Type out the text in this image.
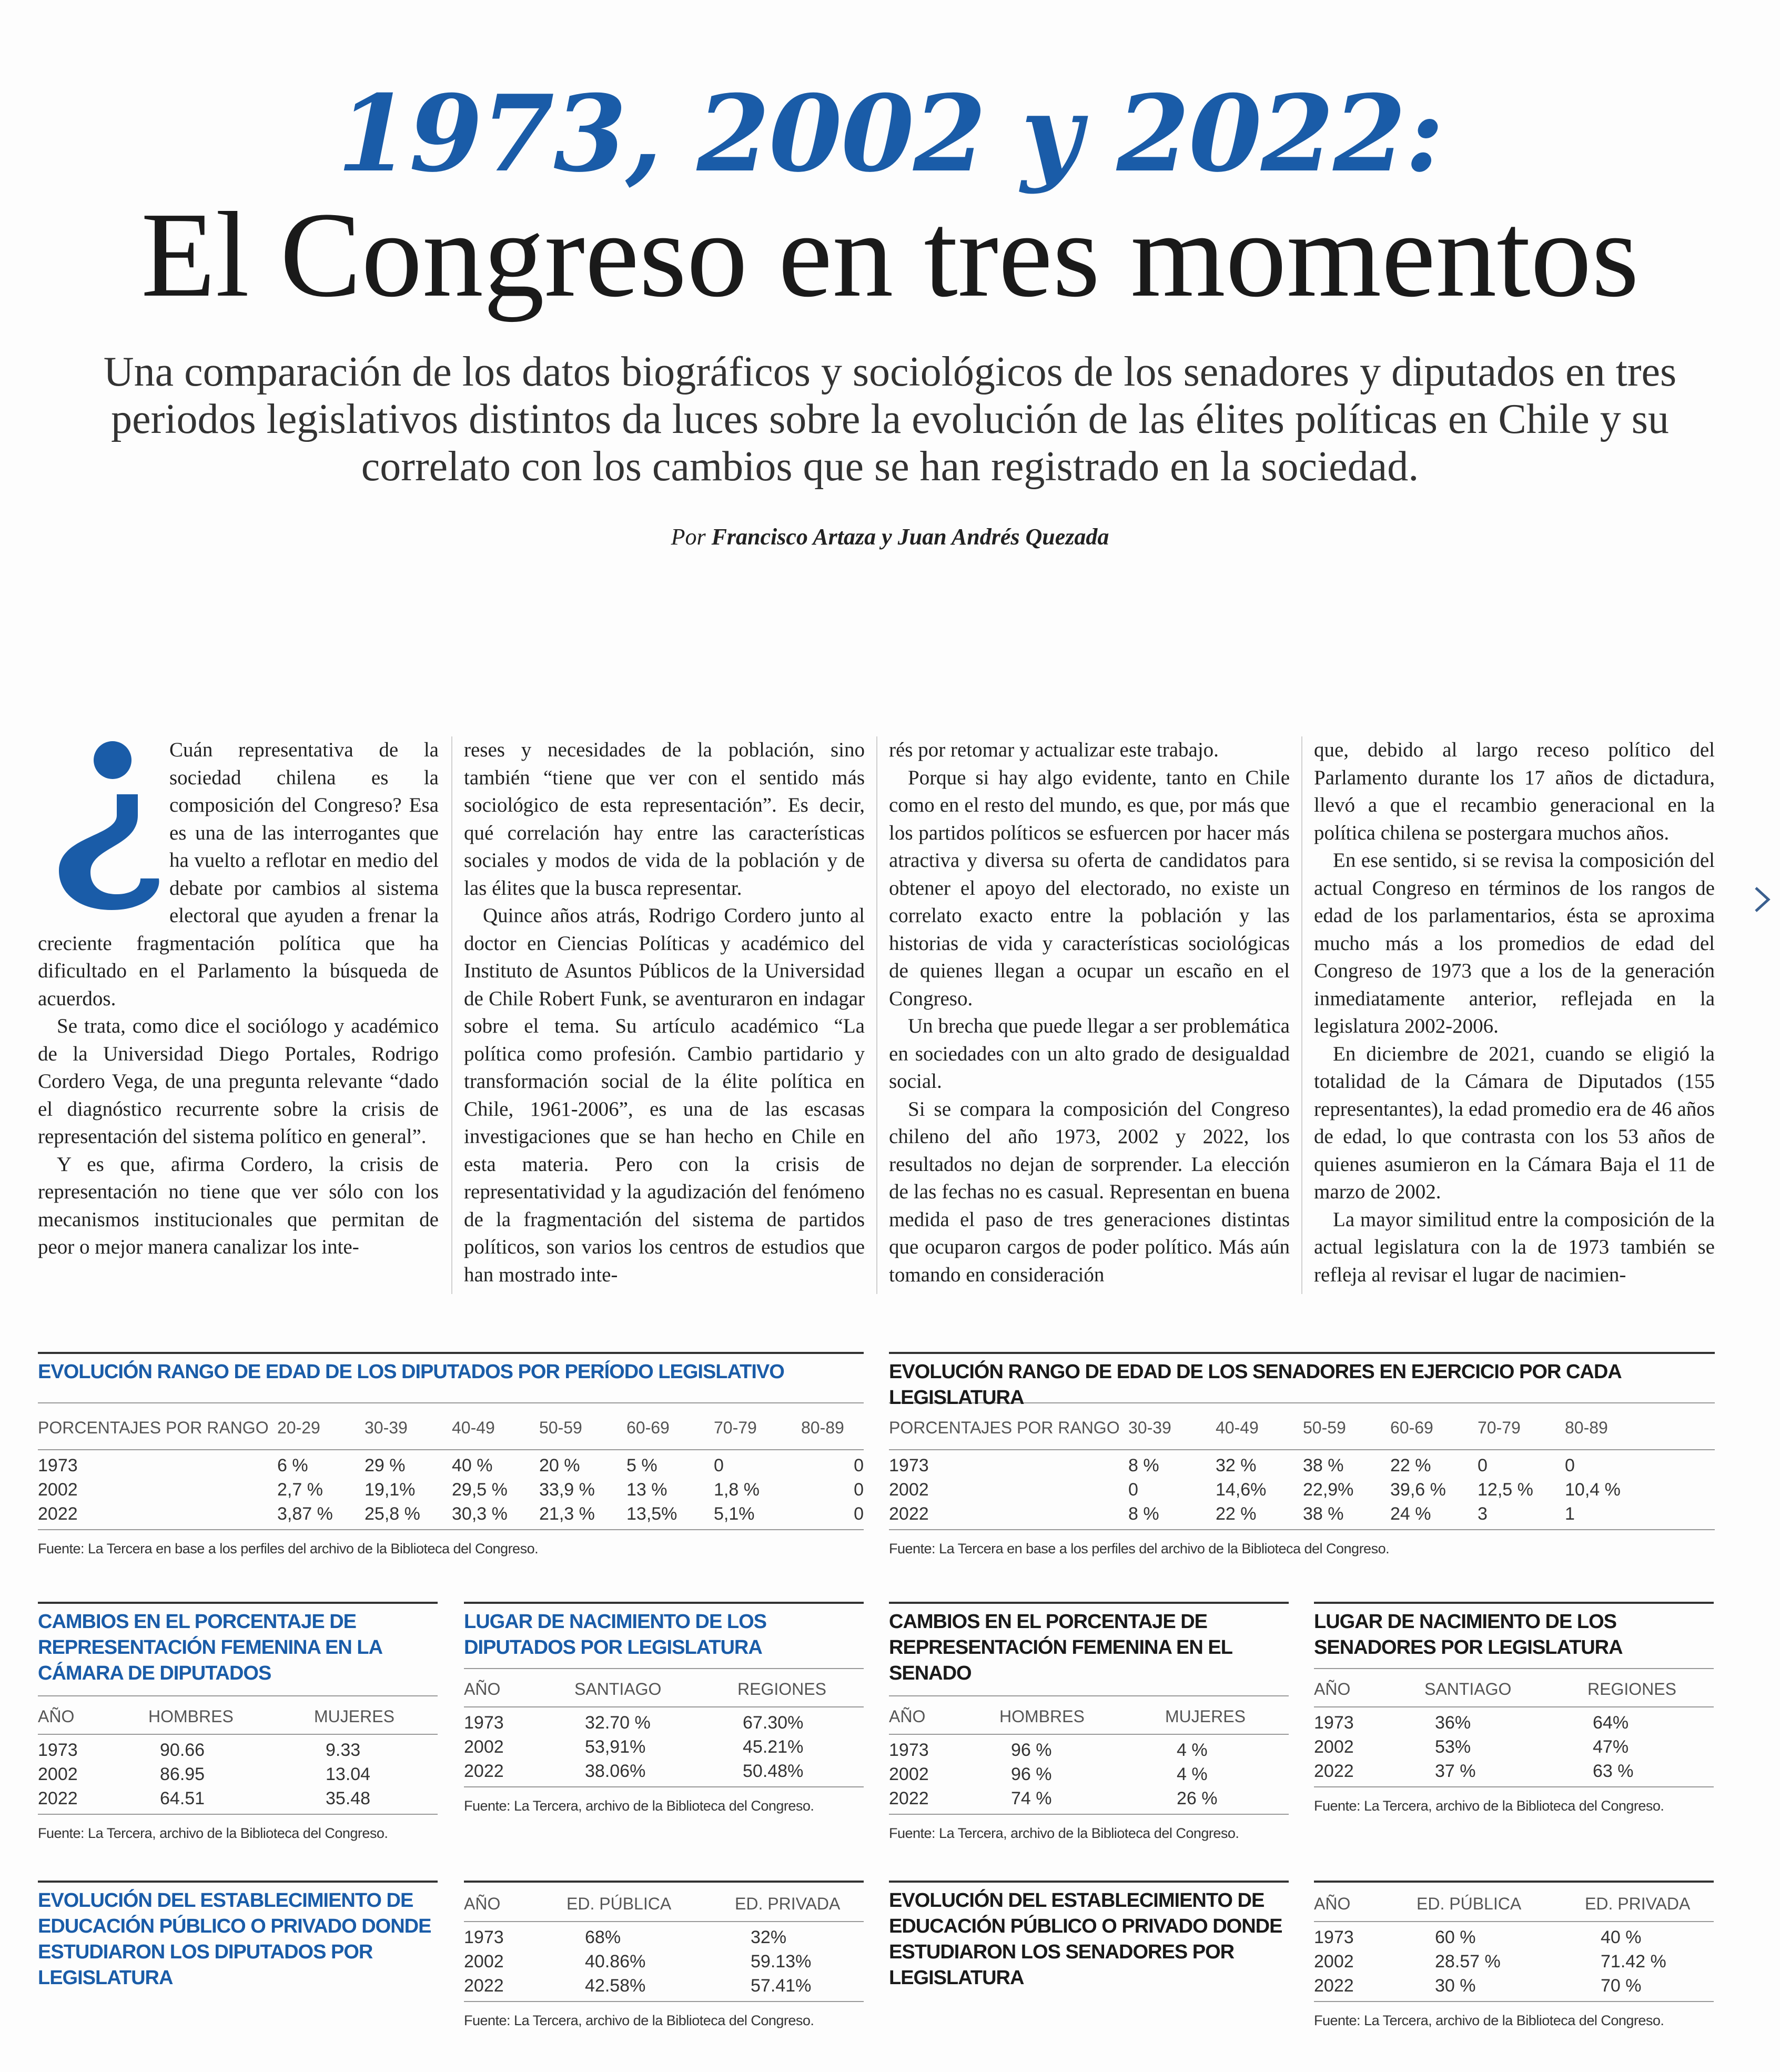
1973, 2002 y 2022:
El Congreso en tres momentos
Una comparación de los datos biográficos y sociológicos de los senadores y diputados en tres
periodos legislativos distintos da luces sobre la evolución de las élites políticas en Chile y su
correlato con los cambios que se han registrado en la sociedad.
Por Francisco Artaza y Juan Andrés Quezada

Cuán representativa de la sociedad chilena es la composición del Congreso? Esa es una de las interrogantes que ha vuelto a reflotar en medio del debate por cambios al sistema electoral que ayuden a frenar la creciente fragmentación política que ha dificultado en el Parlamento la búsqueda de acuerdos.

Se trata, como dice el sociólogo y académico de la Universidad Diego Portales, Rodrigo Cordero Vega, de una pregunta relevante “dado el diagnóstico recurrente sobre la crisis de representación del sistema político en general”.

Y es que, afirma Cordero, la crisis de representación no tiene que ver sólo con los mecanismos institucionales que permitan de peor o mejor manera canalizar los inte-

reses y necesidades de la población, sino también “tiene que ver con el sentido más sociológico de esta representación”. Es decir, qué correlación hay entre las características sociales y modos de vida de la población y de las élites que la busca representar.

Quince años atrás, Rodrigo Cordero junto al doctor en Ciencias Políticas y académico del Instituto de Asuntos Públicos de la Universidad de Chile Robert Funk, se aventuraron en indagar sobre el tema. Su artículo académico “La política como profesión. Cambio partidario y transformación social de la élite política en Chile, 1961-2006”, es una de las escasas investigaciones que se han hecho en Chile en esta materia. Pero con la crisis de representatividad y la agudización del fenómeno de la fragmentación del sistema de partidos políticos, son varios los centros de estudios que han mostrado inte-

rés por retomar y actualizar este trabajo.

Porque si hay algo evidente, tanto en Chile como en el resto del mundo, es que, por más que los partidos políticos se esfuercen por hacer más atractiva y diversa su oferta de candidatos para obtener el apoyo del electorado, no existe un correlato exacto entre la población y las historias de vida y características sociológicas de quienes llegan a ocupar un escaño en el Congreso.

Un brecha que puede llegar a ser problemática en sociedades con un alto grado de desigualdad social.

Si se compara la composición del Congreso chileno del año 1973, 2002 y 2022, los resultados no dejan de sorprender. La elección de las fechas no es casual. Representan en buena medida el paso de tres generaciones distintas que ocuparon cargos de poder político. Más aún tomando en consideración

que, debido al largo receso político del Parlamento durante los 17 años de dictadura, llevó a que el recambio generacional en la política chilena se postergara muchos años.

En ese sentido, si se revisa la composición del actual Congreso en términos de los rangos de edad de los parlamentarios, ésta se aproxima mucho más a los promedios de edad del Congreso de 1973 que a los de la generación inmediatamente anterior, reflejada en la legislatura 2002-2006.

En diciembre de 2021, cuando se eligió la totalidad de la Cámara de Diputados (155 representantes), la edad promedio era de 46 años de edad, lo que contrasta con los 53 años de quienes asumieron en la Cámara Baja el 11 de marzo de 2002.

La mayor similitud entre la composición de la actual legislatura con la de 1973 también se refleja al revisar el lugar de nacimien-

EVOLUCIÓN RANGO DE EDAD DE LOS DIPUTADOS POR PERÍODO LEGISLATIVO
PORCENTAJES POR RANGO 20-29	30-39	40-49	50-59	60-69	70-79	80-89
1973	6 %	29 %	40 %	20 %	5 %	0	0
2002	2,7 %	19,1%	29,5 %	33,9 %	13 %	1,8 %	0
2022	3,87 %	25,8 %	30,3 %	21,3 %	13,5%	5,1%	0
Fuente: La Tercera en base a los perfiles del archivo de la Biblioteca del Congreso.
EVOLUCIÓN RANGO DE EDAD DE LOS SENADORES EN EJERCICIO POR CADA LEGISLATURA
PORCENTAJES POR RANGO 30-39	40-49	50-59	60-69	70-79	80-89
1973	8 %	32 %	38 %	22 %	0	0
2002	0	14,6%	22,9%	39,6 %	12,5 %	10,4 %
2022	8 %	22 %	38 %	24 %	3	1
Fuente: La Tercera en base a los perfiles del archivo de la Biblioteca del Congreso.
CAMBIOS EN EL PORCENTAJE DE REPRESENTACIÓN FEMENINA EN LA CÁMARA DE DIPUTADOS
AÑO	HOMBRES	MUJERES
1973	90.66	9.33
2002	86.95	13.04
2022	64.51	35.48
Fuente: La Tercera, archivo de la Biblioteca del Congreso.
LUGAR DE NACIMIENTO DE LOS DIPUTADOS POR LEGISLATURA
AÑO	SANTIAGO	REGIONES
1973	32.70 %	67.30%
2002	53,91%	45.21%
2022	38.06%	50.48%
Fuente: La Tercera, archivo de la Biblioteca del Congreso.
CAMBIOS EN EL PORCENTAJE DE REPRESENTACIÓN FEMENINA EN EL SENADO
AÑO	HOMBRES	MUJERES
1973	96 %	4 %
2002	96 %	4 %
2022	74 %	26 %
Fuente: La Tercera, archivo de la Biblioteca del Congreso.
LUGAR DE NACIMIENTO DE LOS SENADORES POR LEGISLATURA
AÑO	SANTIAGO	REGIONES
1973	36%	64%
2002	53%	47%
2022	37 %	63 %
Fuente: La Tercera, archivo de la Biblioteca del Congreso.
EVOLUCIÓN DEL ESTABLECIMIENTO DE EDUCACIÓN PÚBLICO O PRIVADO DONDE ESTUDIARON LOS DIPUTADOS POR LEGISLATURA
AÑO	ED. PÚBLICA	ED. PRIVADA
1973	68%	32%
2002	40.86%	59.13%
2022	42.58%	57.41%
Fuente: La Tercera, archivo de la Biblioteca del Congreso.
EVOLUCIÓN DEL ESTABLECIMIENTO DE EDUCACIÓN PÚBLICO O PRIVADO DONDE ESTUDIARON LOS SENADORES POR LEGISLATURA
AÑO	ED. PÚBLICA	ED. PRIVADA
1973	60 %	40 %
2002	28.57 %	71.42 %
2022	30 %	70 %
Fuente: La Tercera, archivo de la Biblioteca del Congreso.
